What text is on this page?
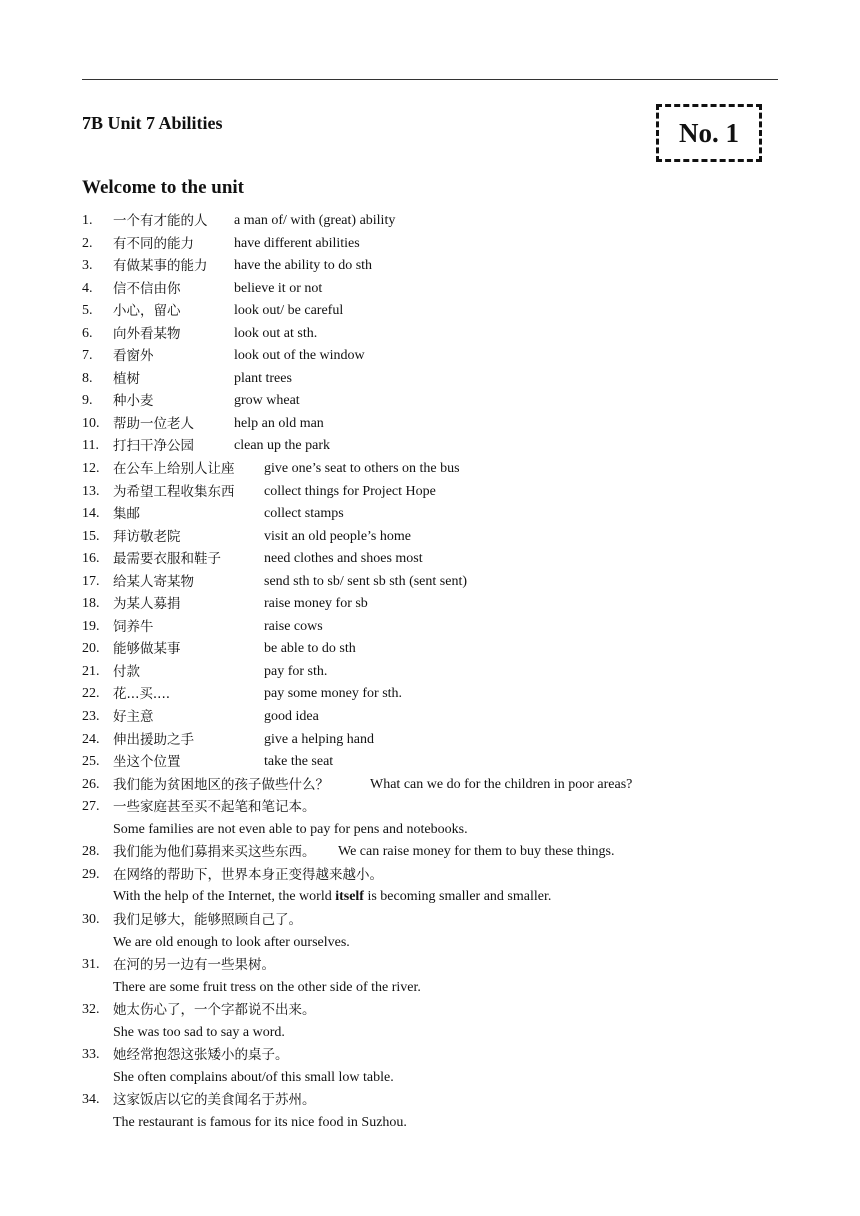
7B Unit 7 Abilities	No. 1
Welcome to the unit
1.	一个有才能的人 a man of/ with (great) ability
2.	有不同的能力	have different abilities
3.	有做某事的能力 have the ability to do sth
4.	信不信由你	believe it or not
5.	小心，留心	look out/ be careful
6.	向外看某物	look out at sth.
7.	看窗外	look out of the window
8.	植树	plant trees
9.	种小麦	grow wheat
10.	帮助一位老人	help an old man
11.	打扫干净公园	clean up the park
12.	在公车上给别人让座 give one’s seat to others on the bus
13.	为希望工程收集东西 collect things for Project Hope
14.	集邮	collect stamps
15.	拜访敬老院	visit an old people’s home
16.	最需要衣服和鞋子	need clothes and shoes most
17.	给某人寄某物	send sth to sb/ sent sb sth (sent sent)
18.	为某人募捐	raise money for sb
19.	饲养牛	raise cows
20.	能够做某事	be able to do sth
21.	付款	pay for sth.
22.	花...买....	pay some money for sth.
23.	好主意	good idea
24.	伸出援助之手	give a helping hand
25.	坐这个位置	take the seat
26.	我们能为贫困地区的孩子做些什么？	What can we do for the children in poor areas?
27.	一些家庭甚至买不起笔和笔记本。
Some families are not even able to pay for pens and notebooks.
28.	我们能为他们募捐来买这些东西。 We can raise money for them to buy these things.
29.	在网络的帮助下，世界本身正变得越来越小。
With the help of the Internet, the world itself is becoming smaller and smaller.
30.	我们足够大，能够照顾自己了。
We are old enough to look after ourselves.
31.	在河的另一边有一些果树。
There are some fruit tress on the other side of the river.
32.	她太伤心了，一个字都说不出来。
She was too sad to say a word.
33.	她经常抱怨这张矮小的桌子。
She often complains about/of this small low table.
34.	这家饭店以它的美食闻名于苏州。
The restaurant is famous for its nice food in Suzhou.
